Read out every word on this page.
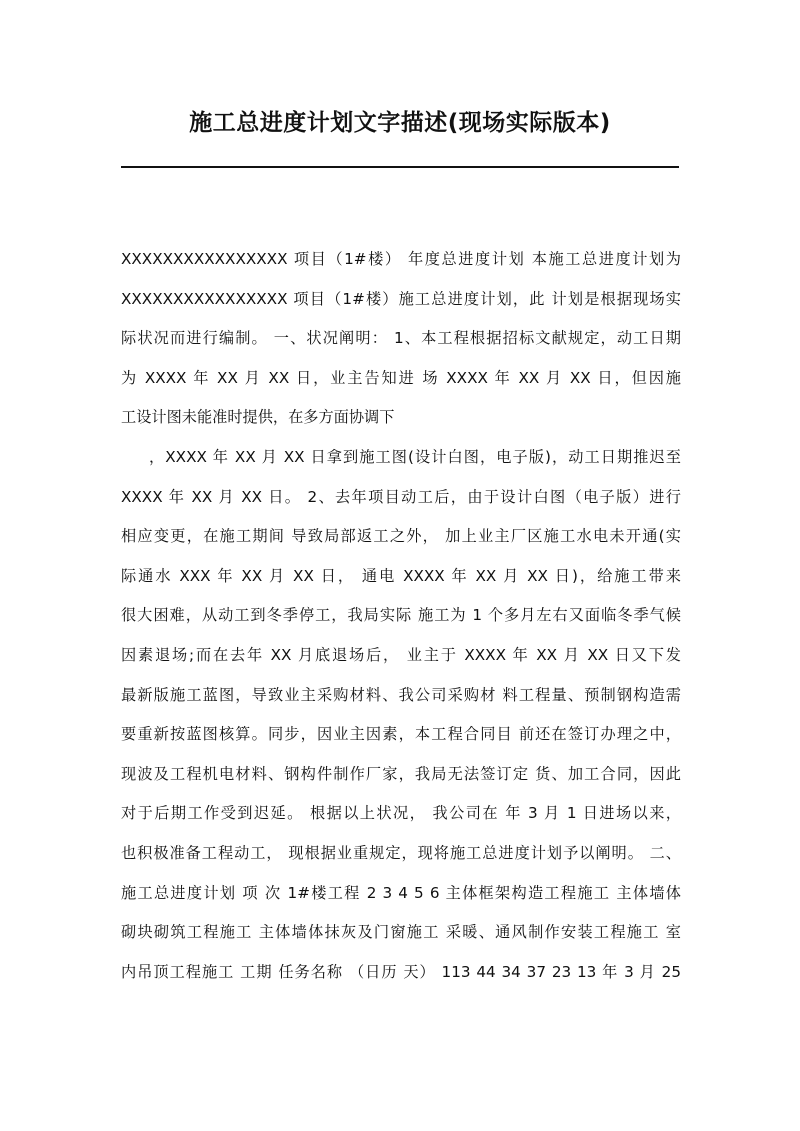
施工总进度计划文字描述(现场实际版本)
XXXXXXXXXXXXXXXX 项目（1#楼） 年度总进度计划 本施工总进度计划为
XXXXXXXXXXXXXXXX 项目（1#楼）施工总进度计划，此 计划是根据现场实
际状况而进行编制。 一、状况阐明： 1、本工程根据招标文献规定，动工日期
为 XXXX 年 XX 月 XX 日，业主告知进 场 XXXX 年 XX 月 XX 日，但因施
工设计图未能准时提供，在多方面协调下
，XXXX 年 XX 月 XX 日拿到施工图(设计白图，电子版)，动工日期推迟至
XXXX 年 XX 月 XX 日。 2、去年项目动工后，由于设计白图（电子版）进行
相应变更，在施工期间 导致局部返工之外， 加上业主厂区施工水电未开通(实
际通水 XXX 年 XX 月 XX 日， 通电 XXXX 年 XX 月 XX 日)，给施工带来
很大困难，从动工到冬季停工，我局实际 施工为 1 个多月左右又面临冬季气候
因素退场;而在去年 XX 月底退场后， 业主于 XXXX 年 XX 月 XX 日又下发
最新版施工蓝图，导致业主采购材料、我公司采购材 料工程量、预制钢构造需
要重新按蓝图核算。同步，因业主因素，本工程合同目 前还在签订办理之中，
现波及工程机电材料、钢构件制作厂家，我局无法签订定 货、加工合同，因此
对于后期工作受到迟延。 根据以上状况， 我公司在 年 3 月 1 日进场以来，
也积极准备工程动工， 现根据业重规定，现将施工总进度计划予以阐明。 二、
施工总进度计划 项 次 1#楼工程 2 3 4 5 6 主体框架构造工程施工 主体墙体
砌块砌筑工程施工 主体墙体抹灰及门窗施工 采暖、通风制作安装工程施工 室
内吊顶工程施工 工期 任务名称 （日历 天） 113 44 34 37 23 13 年 3 月 25
